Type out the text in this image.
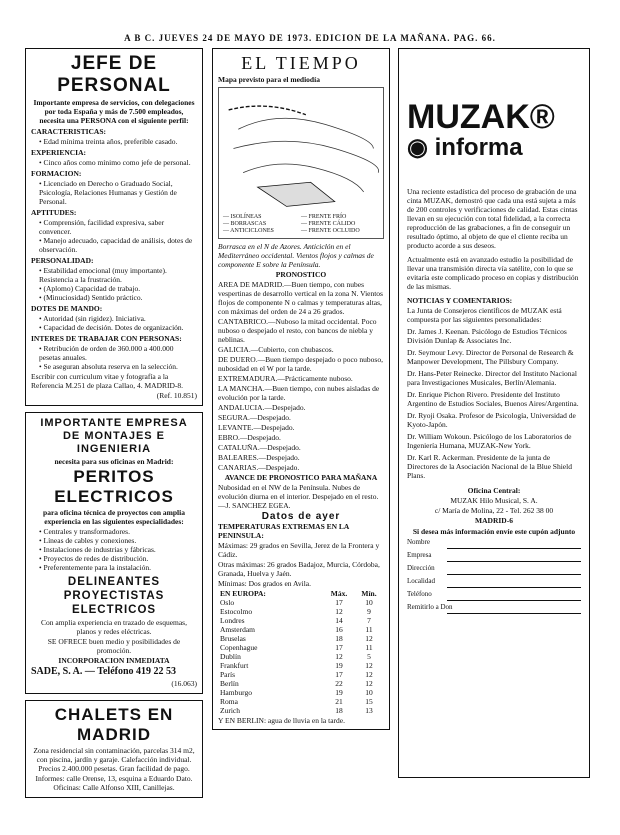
A B C. JUEVES 24 DE MAYO DE 1973. EDICION DE LA MAÑANA. PAG. 66.
JEFE DE PERSONAL
Importante empresa de servicios, con delegaciones por toda España y más de 7.500 empleados, necesita una PERSONA con el siguiente perfil:
CARACTERISTICAS:
• Edad mínima treinta años, preferible casado.
EXPERIENCIA:
• Cinco años como mínimo como jefe de personal.
FORMACION:
• Licenciado en Derecho o Graduado Social, Psicología, Relaciones Humanas y Gestión de Personal.
APTITUDES:
• Comprensión, facilidad expresiva, saber convencer.
• Manejo adecuado, capacidad de análisis, dotes de observación.
PERSONALIDAD:
• Estabilidad emocional (muy importante). Resistencia a la frustración.
• (Aplomo) Capacidad de trabajo.
• (Minuciosidad) Sentido práctico.
DOTES DE MANDO:
• Autoridad (sin rigidez). Iniciativa.
• Capacidad de decisión. Dotes de organización.
INTERES DE TRABAJAR CON PERSONAS:
• Retribución de orden de 360.000 a 400.000 pesetas anuales.
• Se aseguran absoluta reserva en la selección.
Escribir con curriculum vitae y fotografía a la Referencia M.251 de plaza Callao, 4. MADRID-8.
(Ref. 10.851)
IMPORTANTE EMPRESA DE MONTAJES E INGENIERIA
necesita para sus oficinas en Madrid:
PERITOS ELECTRICOS
para oficina técnica de proyectos con amplia experiencia en las siguientes especialidades:
• Centrales y transformadores.
• Líneas de cables y conexiones.
• Instalaciones de industrias y fábricas.
• Proyectos de redes de distribución.
• Preferentemente para la instalación.
DELINEANTES PROYECTISTAS ELECTRICOS
Con amplia experiencia en trazado de esquemas, planos y redes eléctricas.
SE OFRECE buen medio y posibilidades de promoción.
INCORPORACION INMEDIATA
SADE, S. A. — Teléfono 419 22 53
(16.063)
CHALETS EN MADRID
Zona residencial sin contaminación, parcelas 314 m2, con piscina, jardín y garaje. Calefacción individual. Precios 2.400.000 pesetas. Gran facilidad de pago.
Informes: calle Orense, 13, esquina a Eduardo Dato. Oficinas: Calle Alfonso XIII, Canillejas.
EL TIEMPO
Mapa previsto para el mediodía
— ISOLÍNEAS	— FRENTE FRÍO— BORRASCAS	— FRENTE CÁLIDO— ANTICICLONES	— FRENTE OCLUIDO
Borrasca en el N de Azores. Anticiclón en el Mediterráneo occidental. Vientos flojos y calmas de componente E sobre la Península.
PRONOSTICO
AREA DE MADRID.—Buen tiempo, con nubes vespertinas de desarrollo vertical en la zona N. Vientos flojos de componente N o calmas y temperaturas altas, con máximas del orden de 24 a 26 grados.
CANTABRICO.—Nuboso la mitad occidental. Poco nuboso o despejado el resto, con bancos de niebla y neblinas.
GALICIA.—Cubierto, con chubascos.
DE DUERO.—Buen tiempo despejado o poco nuboso, nubosidad en el W por la tarde.
EXTREMADURA.—Prácticamente nuboso.
LA MANCHA.—Buen tiempo, con nubes aisladas de evolución por la tarde.
ANDALUCIA.—Despejado.
SEGURA.—Despejado.
LEVANTE.—Despejado.
EBRO.—Despejado.
CATALUÑA.—Despejado.
BALEARES.—Despejado.
CANARIAS.—Despejado.
AVANCE DE PRONOSTICO PARA MAÑANA
Nubosidad en el NW de la Península. Nubes de evolución diurna en el interior. Despejado en el resto.—J. SANCHEZ EGEA.
Datos de ayer
TEMPERATURAS EXTREMAS EN LA PENINSULA:
Máximas: 29 grados en Sevilla, Jerez de la Frontera y Cádiz.
Otras máximas: 26 grados Badajoz, Murcia, Córdoba, Granada, Huelva y Jaén.
Mínimas: Dos grados en Avila.
EN EUROPA:	Máx.	Mín.
Oslo	17	10
Estocolmo	12	9
Londres	14	7
Amsterdam	16	11
Bruselas	18	12
Copenhague	17	11
Dublín	12	5
Frankfurt	19	12
París	17	12
Berlín	22	12
Hamburgo	19	10
Roma	21	15
Zurich	18	13
Y EN BERLIN: agua de lluvia en la tarde.
MUZAK®
◉ informa
Una reciente estadística del proceso de grabación de una cinta MUZAK, demostró que cada una está sujeta a más de 200 controles y verificaciones de calidad. Estas cintas llevan en su ejecución con total fidelidad, a la correcta reproducción de las grabaciones, a fin de conseguir un resultado óptimo, al objeto de que el cliente reciba un producto acorde a sus deseos.
Actualmente está en avanzado estudio la posibilidad de llevar una transmisión directa vía satélite, con lo que se evitaría este complicado proceso en copias y distribución de las mismas.
NOTICIAS Y COMENTARIOS:
La Junta de Consejeros científicos de MUZAK está compuesta por las siguientes personalidades:
Dr. James J. Keenan. Psicólogo de Estudios Técnicos División Dunlap & Associates Inc.
Dr. Seymour Levy. Director de Personal de Research & Manpower Development, The Pillsbury Company.
Dr. Hans-Peter Reinecke. Director del Instituto Nacional para Investigaciones Musicales, Berlín/Alemania.
Dr. Enrique Pichon Rivero. Presidente del Instituto Argentino de Estudios Sociales, Buenos Aires/Argentina.
Dr. Ryoji Osaka. Profesor de Psicología, Universidad de Kyoto-Japón.
Dr. William Wokoun. Psicólogo de los Laboratorios de Ingeniería Humana, MUZAK-New York.
Dr. Karl R. Ackerman. Presidente de la junta de Directores de la Asociación Nacional de la Blue Shield Plans.
Oficina Central:
MUZAK Hilo Musical, S. A.
c/ María de Molina, 22 - Tel. 262 38 00
MADRID-6
Si desea más información envíe este cupón adjunto
Nombre
Empresa
Dirección
Localidad
Teléfono
Remitirlo a Don
